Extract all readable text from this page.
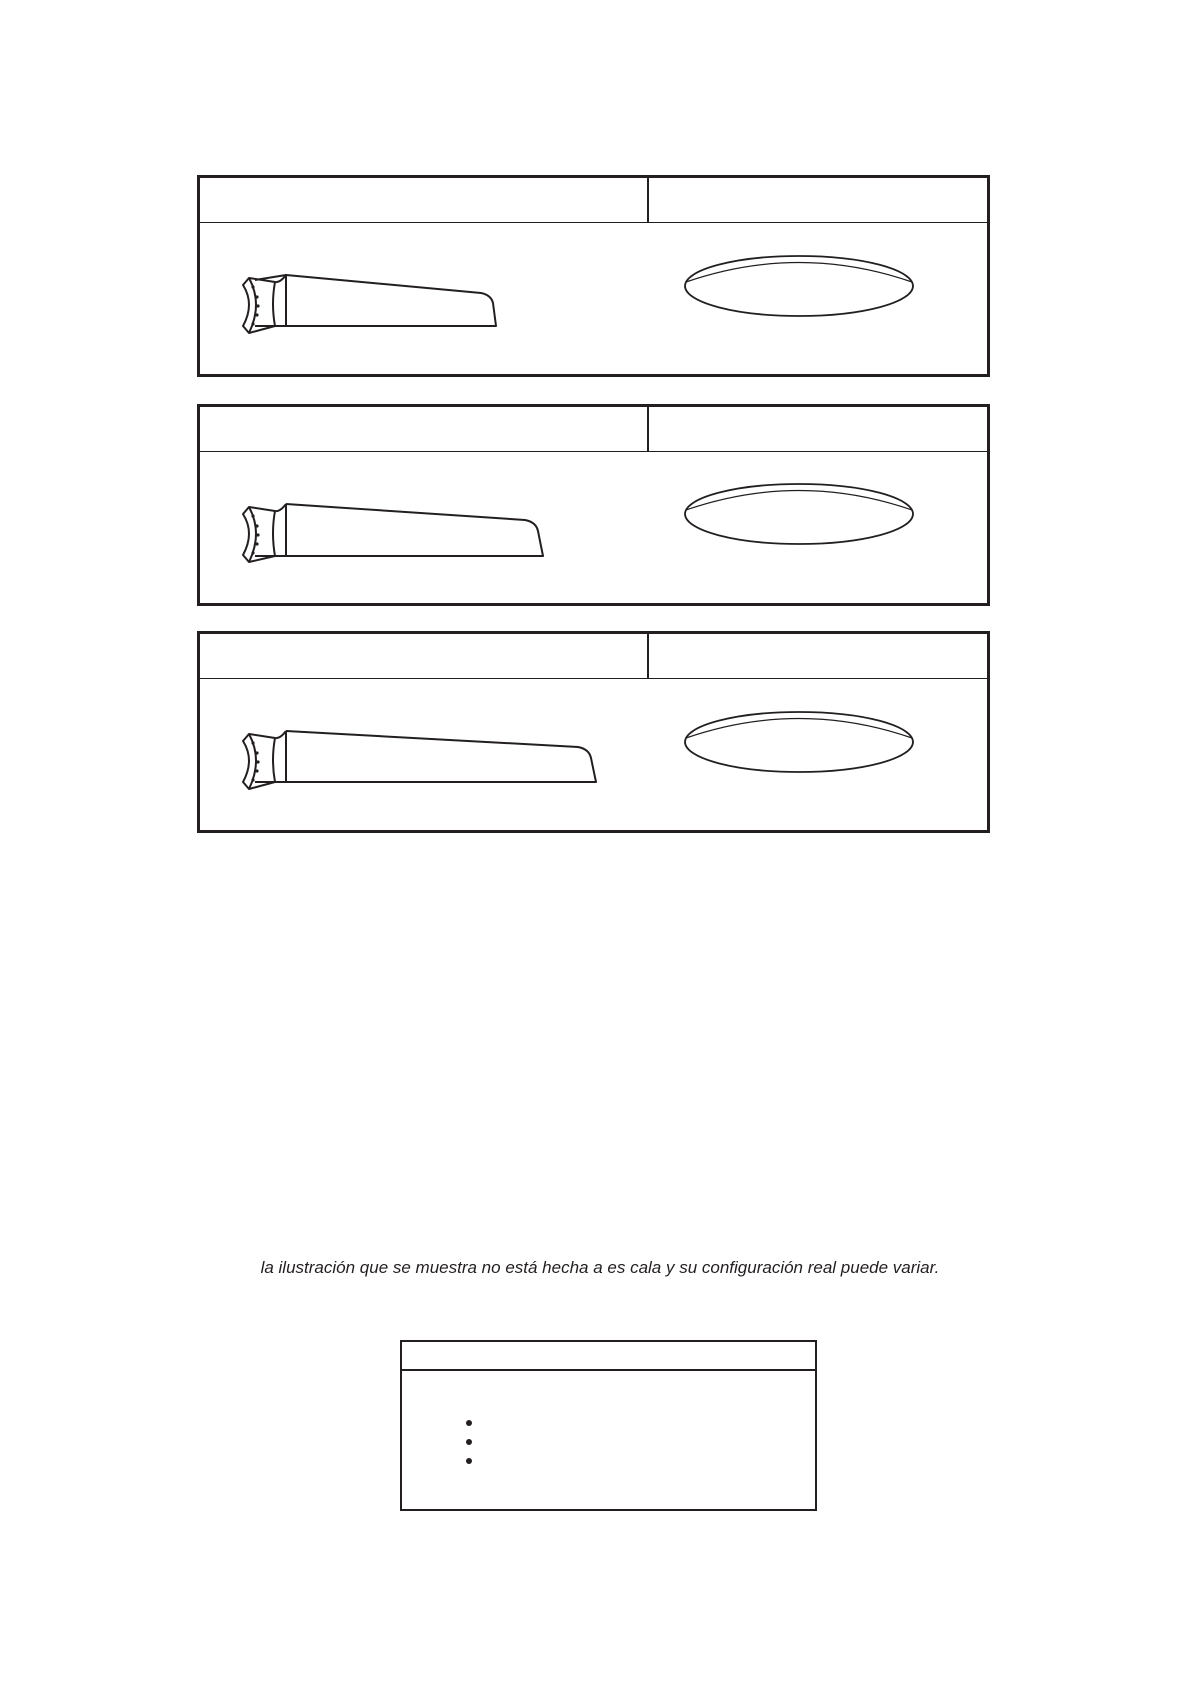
la ilustración que se muestra no está hecha a es cala y su configuración real puede variar.
